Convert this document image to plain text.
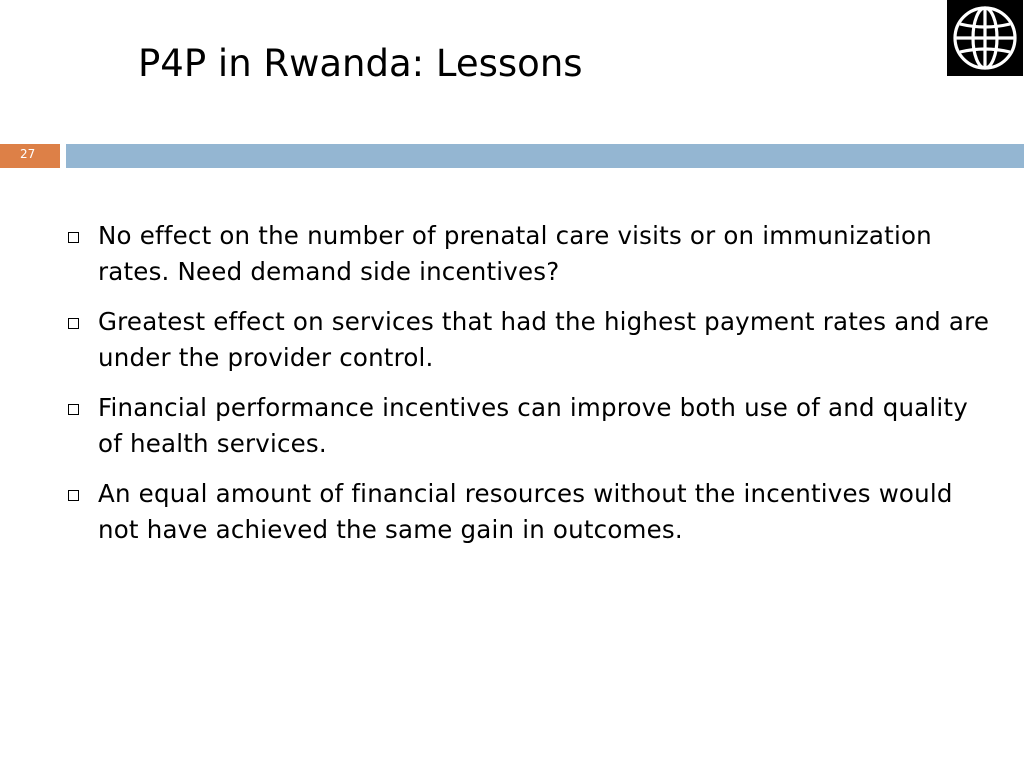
P4P in Rwanda: Lessons
27
No effect on the number of prenatal care visits or on immunization rates. Need demand side incentives?
Greatest effect on services that had the highest payment rates and are under the provider control.
Financial performance incentives can improve both use of and quality of health services.
An equal amount of financial resources without the incentives would not have achieved the same gain in outcomes.
